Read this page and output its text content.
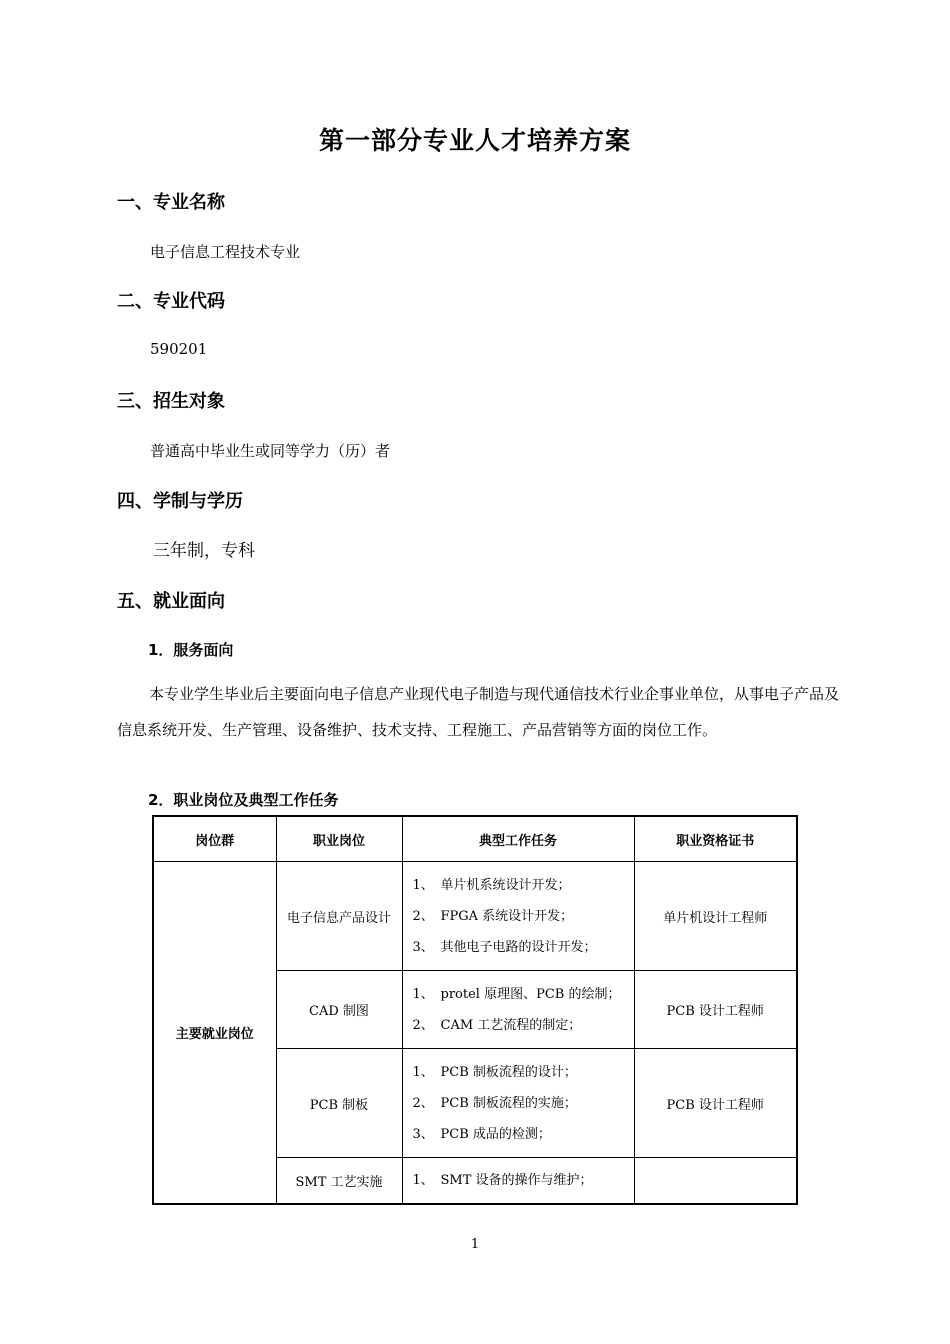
第一部分专业人才培养方案
一、专业名称
电子信息工程技术专业
二、专业代码
590201
三、招生对象
普通高中毕业生或同等学力（历）者
四、学制与学历
三年制，专科
五、就业面向
1．服务面向
本专业学生毕业后主要面向电子信息产业现代电子制造与现代通信技术行业企事业单位，从事电子产品及信息系统开发、生产管理、设备维护、技术支持、工程施工、产品营销等方面的岗位工作。
2．职业岗位及典型工作任务
岗位群	职业岗位	典型工作任务	职业资格证书
主要就业岗位	电子信息产品设计	1、 单片机系统设计开发；
2、 FPGA 系统设计开发；
3、 其他电子电路的设计开发；	单片机设计工程师
	CAD 制图	1、 protel 原理图、PCB 的绘制；
2、 CAM 工艺流程的制定；	PCB 设计工程师
	PCB 制板	1、 PCB 制板流程的设计；
2、 PCB 制板流程的实施；
3、 PCB 成品的检测；	PCB 设计工程师
	SMT 工艺实施	1、 SMT 设备的操作与维护；	

1
